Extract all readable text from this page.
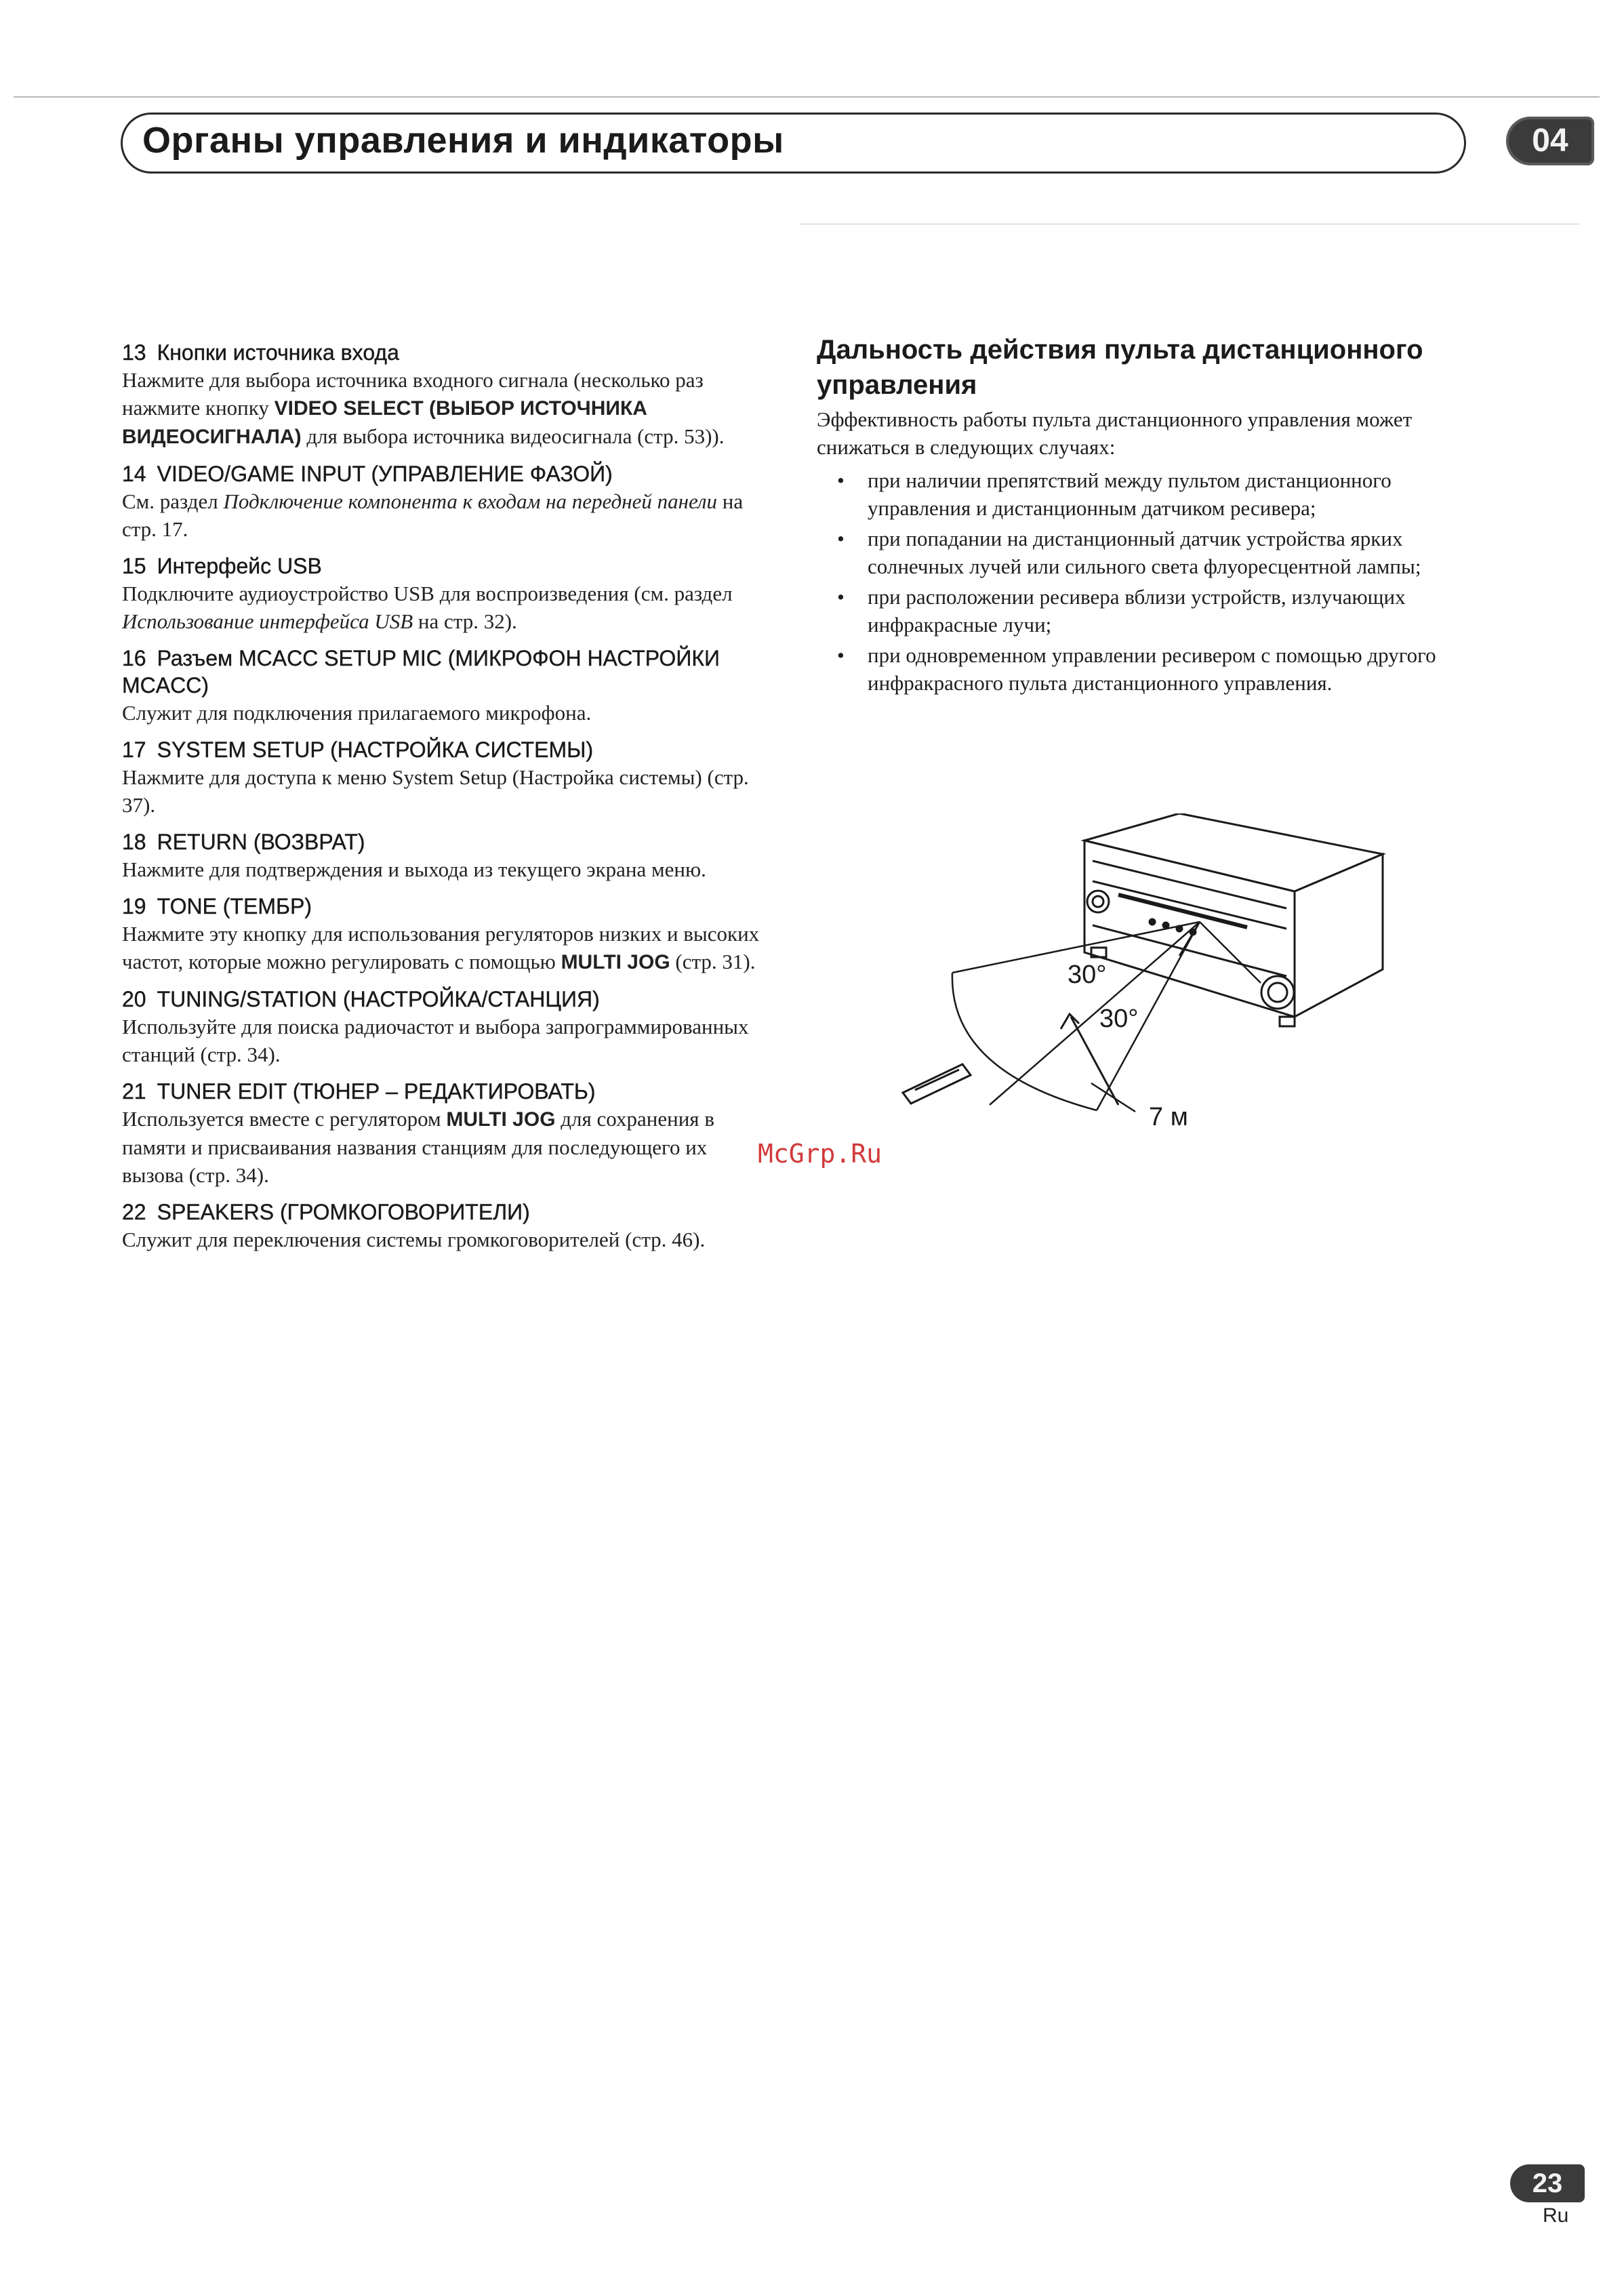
Органы управления и индикаторы	04
13 Кнопки источника входа
Нажмите для выбора источника входного сигнала (несколько раз нажмите кнопку VIDEO SELECT (ВЫБОР ИСТОЧНИКА ВИДЕОСИГНАЛА) для выбора источника видеосигнала (стр. 53)).
14 VIDEO/GAME INPUT (УПРАВЛЕНИЕ ФАЗОЙ)
См. раздел Подключение компонента к входам на передней панели на стр. 17.
15 Интерфейс USB
Подключите аудиоустройство USB для воспроизведения (см. раздел Использование интерфейса USB на стр. 32).
16 Разъем MCACC SETUP MIC (МИКРОФОН НАСТРОЙКИ MCACC)
Служит для подключения прилагаемого микрофона.
17 SYSTEM SETUP (НАСТРОЙКА СИСТЕМЫ)
Нажмите для доступа к меню System Setup (Настройка системы) (стр. 37).
18 RETURN (ВОЗВРАТ)
Нажмите для подтверждения и выхода из текущего экрана меню.
19 TONE (ТЕМБР)
Нажмите эту кнопку для использования регуляторов низких и высоких частот, которые можно регулировать с помощью MULTI JOG (стр. 31).
20 TUNING/STATION (НАСТРОЙКА/СТАНЦИЯ)
Используйте для поиска радиочастот и выбора запрограммированных станций (стр. 34).
21 TUNER EDIT (ТЮНЕР – РЕДАКТИРОВАТЬ)
Используется вместе с регулятором MULTI JOG для сохранения в памяти и присваивания названия станциям для последующего их вызова (стр. 34).
22 SPEAKERS (ГРОМКОГОВОРИТЕЛИ)
Служит для переключения системы громкоговорителей (стр. 46).
Дальность действия пульта дистанционного управления
Эффективность работы пульта дистанционного управления может снижаться в следующих случаях:
• при наличии препятствий между пультом дистанционного управления и дистанционным датчиком ресивера;
• при попадании на дистанционный датчик устройства ярких солнечных лучей или сильного света флуоресцентной лампы;
• при расположении ресивера вблизи устройств, излучающих инфракрасные лучи;
• при одновременном управлении ресивером с помощью другого инфракрасного пульта дистанционного управления.
30°
30°
7 м
McGrp.Ru
23
Ru
